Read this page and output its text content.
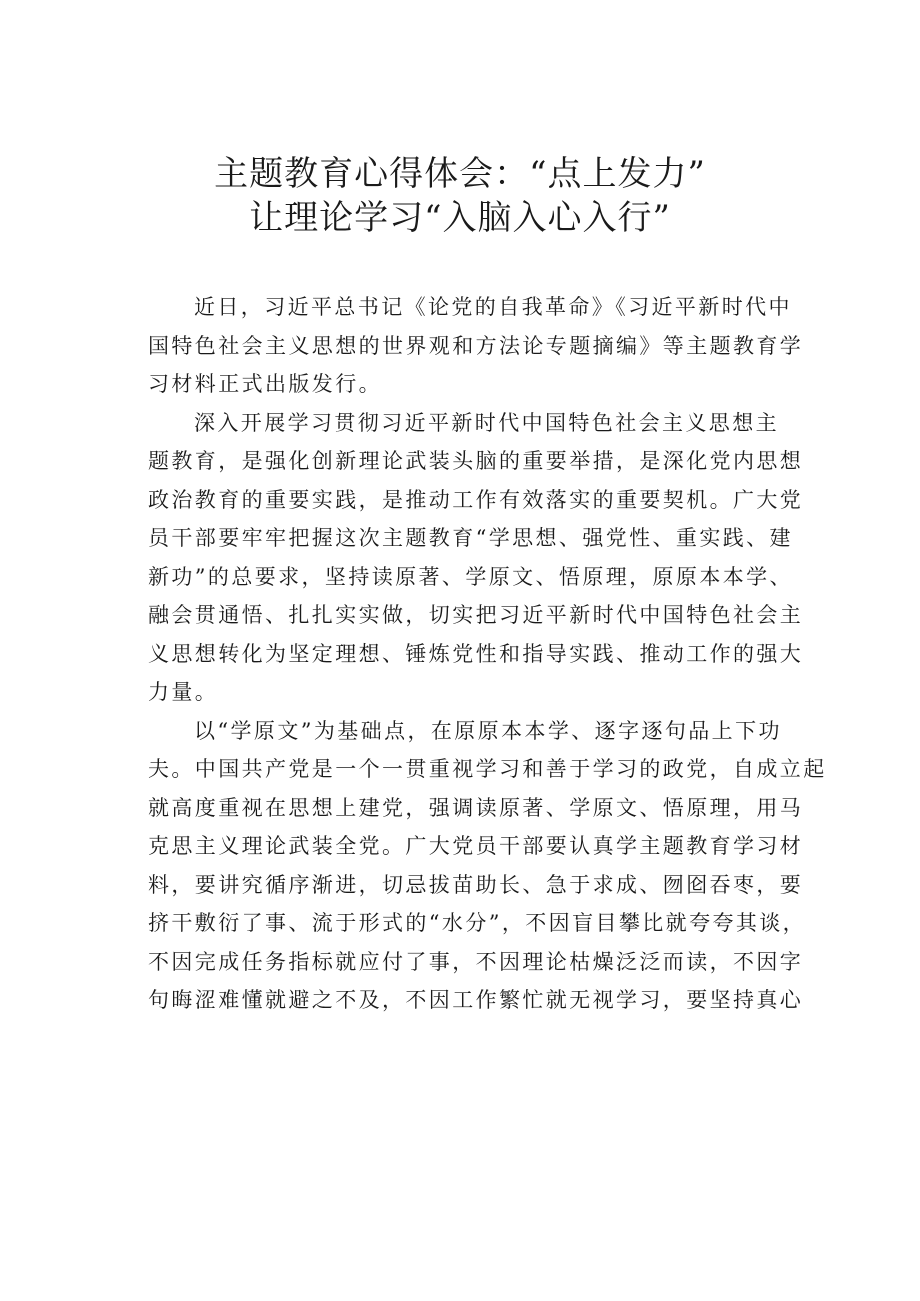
主题教育心得体会：“点上发力”
让理论学习“入脑入心入行”
近日，习近平总书记《论党的自我革命》《习近平新时代中
国特色社会主义思想的世界观和方法论专题摘编》等主题教育学
习材料正式出版发行。
深入开展学习贯彻习近平新时代中国特色社会主义思想主
题教育，是强化创新理论武装头脑的重要举措，是深化党内思想
政治教育的重要实践，是推动工作有效落实的重要契机。广大党
员干部要牢牢把握这次主题教育“学思想、强党性、重实践、建
新功”的总要求，坚持读原著、学原文、悟原理，原原本本学、
融会贯通悟、扎扎实实做，切实把习近平新时代中国特色社会主
义思想转化为坚定理想、锤炼党性和指导实践、推动工作的强大
力量。
以“学原文”为基础点，在原原本本学、逐字逐句品上下功
夫。中国共产党是一个一贯重视学习和善于学习的政党，自成立起
就高度重视在思想上建党，强调读原著、学原文、悟原理，用马
克思主义理论武装全党。广大党员干部要认真学主题教育学习材
料，要讲究循序渐进，切忌拔苗助长、急于求成、囫囵吞枣，要
挤干敷衍了事、流于形式的“水分”，不因盲目攀比就夸夸其谈，
不因完成任务指标就应付了事，不因理论枯燥泛泛而读，不因字
句晦涩难懂就避之不及，不因工作繁忙就无视学习，要坚持真心
